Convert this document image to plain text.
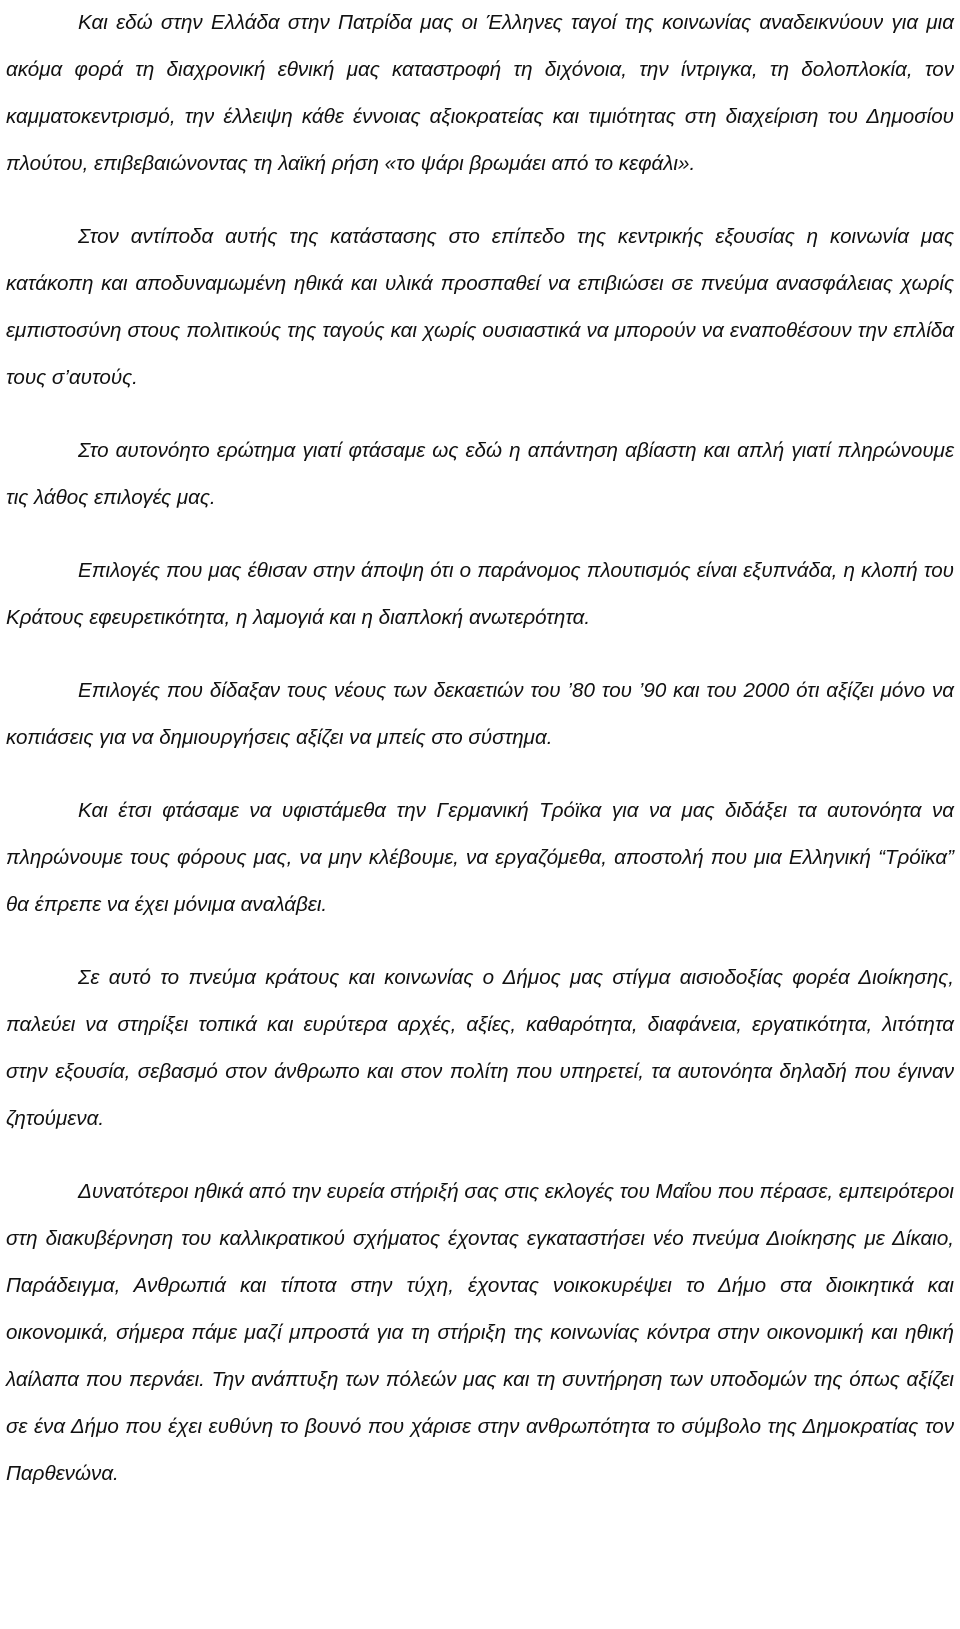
Και εδώ στην Ελλάδα στην Πατρίδα μας οι Έλληνες ταγοί της κοινωνίας αναδεικνύουν για μια ακόμα φορά τη διαχρονική εθνική μας καταστροφή τη διχόνοια, την ίντριγκα, τη δολοπλοκία, τον καμματοκεντρισμό, την έλλειψη κάθε έννοιας αξιοκρατείας και τιμιότητας στη διαχείριση του Δημοσίου πλούτου, επιβεβαιώνοντας τη λαϊκή ρήση «το ψάρι βρωμάει από το κεφάλι».

Στον αντίποδα αυτής της κατάστασης στο επίπεδο της κεντρικής εξουσίας η κοινωνία μας κατάκοπη και αποδυναμωμένη ηθικά και υλικά προσπαθεί να επιβιώσει σε πνεύμα ανασφάλειας χωρίς εμπιστοσύνη στους πολιτικούς της ταγούς και χωρίς ουσιαστικά να μπορούν να εναποθέσουν την επλίδα τους σ’αυτούς.

Στο αυτονόητο ερώτημα γιατί φτάσαμε ως εδώ η απάντηση αβίαστη και απλή γιατί πληρώνουμε τις λάθος επιλογές μας.

Επιλογές που μας έθισαν στην άποψη ότι ο παράνομος πλουτισμός είναι εξυπνάδα, η κλοπή του Κράτους εφευρετικότητα, η λαμογιά και η διαπλοκή ανωτερότητα.

Επιλογές που δίδαξαν τους νέους των δεκαετιών του ’80 του ’90 και του 2000 ότι αξίζει μόνο να κοπιάσεις για να δημιουργήσεις αξίζει να μπείς στο σύστημα.

Και έτσι φτάσαμε να υφιστάμεθα την Γερμανική Τρόϊκα για να μας διδάξει τα αυτονόητα να πληρώνουμε τους φόρους μας, να μην κλέβουμε, να εργαζόμεθα, αποστολή που μια Ελληνική “Τρόϊκα” θα έπρεπε να έχει μόνιμα αναλάβει.

Σε αυτό το πνεύμα κράτους και κοινωνίας ο Δήμος μας στίγμα αισιοδοξίας φορέα Διοίκησης, παλεύει να στηρίξει τοπικά και ευρύτερα αρχές, αξίες, καθαρότητα, διαφάνεια, εργατικότητα, λιτότητα στην εξουσία, σεβασμό στον άνθρωπο και στον πολίτη που υπηρετεί, τα αυτονόητα δηλαδή που έγιναν ζητούμενα.

Δυνατότεροι ηθικά από την ευρεία στήριξή σας στις εκλογές του Μαΐου που πέρασε, εμπειρότεροι στη διακυβέρνηση του καλλικρατικού σχήματος έχοντας εγκαταστήσει νέο πνεύμα Διοίκησης με Δίκαιο, Παράδειγμα, Ανθρωπιά και τίποτα στην τύχη, έχοντας νοικοκυρέψει το Δήμο στα διοικητικά και οικονομικά, σήμερα πάμε μαζί μπροστά για τη στήριξη της κοινωνίας κόντρα στην οικονομική και ηθική λαίλαπα που περνάει. Την ανάπτυξη των πόλεών μας και τη συντήρηση των υποδομών της όπως αξίζει σε ένα Δήμο που έχει ευθύνη το βουνό που χάρισε στην ανθρωπότητα το σύμβολο της Δημοκρατίας τον Παρθενώνα.
